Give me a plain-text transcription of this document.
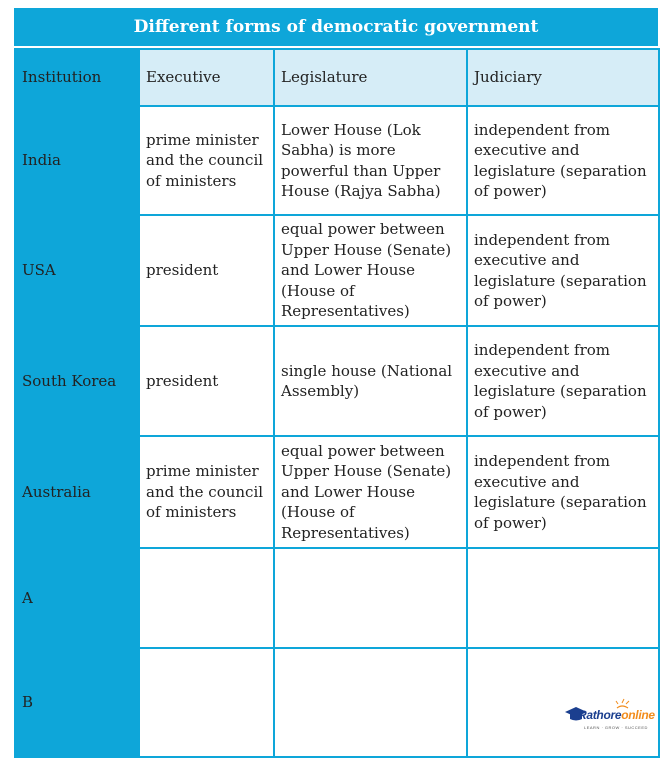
Different forms of democratic government
Institution	Executive	Legislature	Judiciary
India	prime minister and the council of ministers	Lower House (Lok Sabha) is more powerful than Upper House (Rajya Sabha)	independent from executive and legislature (separation of power)
USA	president	equal power between Upper House (Senate) and Lower House (House of Representatives)	independent from executive and legislature (separation of power)
South Korea	president	single house (National Assembly)	independent from executive and legislature (separation of power)
Australia	prime minister and the council of ministers	equal power between Upper House (Senate) and Lower House (House of Representatives)	independent from executive and legislature (separation of power)
A			
B			
Rathoreonline
LEARN · GROW · SUCCEED
